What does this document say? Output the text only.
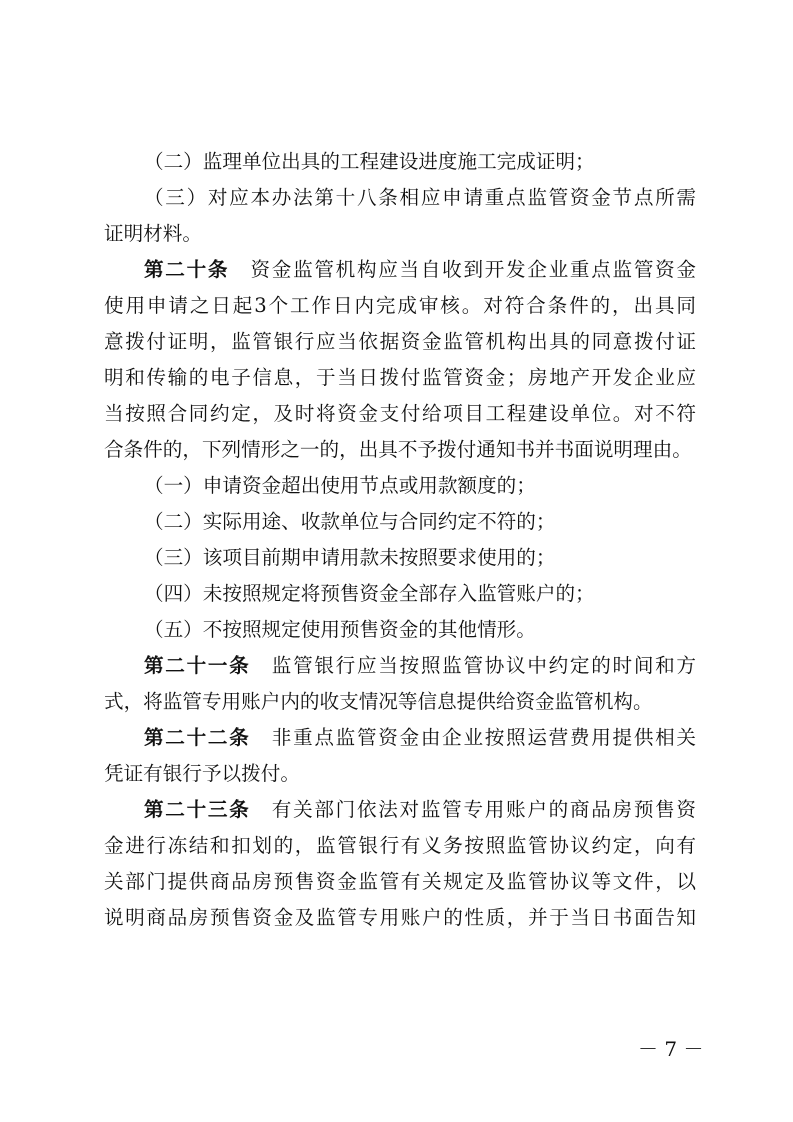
（二）监理单位出具的工程建设进度施工完成证明；
（三）对应本办法第十八条相应申请重点监管资金节点所需
证明材料。
第二十条　 资金监管机构应当自收到开发企业重点监管资金
使用申请之日起3个工作日内完成审核。对符合条件的，出具同
意拨付证明，监管银行应当依据资金监管机构出具的同意拨付证
明和传输的电子信息，于当日拨付监管资金；房地产开发企业应
当按照合同约定，及时将资金支付给项目工程建设单位。对不符
合条件的，下列情形之一的，出具不予拨付通知书并书面说明理由。
（一）申请资金超出使用节点或用款额度的；
（二）实际用途、收款单位与合同约定不符的；
（三）该项目前期申请用款未按照要求使用的；
（四）未按照规定将预售资金全部存入监管账户的；
（五）不按照规定使用预售资金的其他情形。
第二十一条　 监管银行应当按照监管协议中约定的时间和方
式，将监管专用账户内的收支情况等信息提供给资金监管机构。
第二十二条　 非重点监管资金由企业按照运营费用提供相关
凭证有银行予以拨付。
第二十三条　 有关部门依法对监管专用账户的商品房预售资
金进行冻结和扣划的，监管银行有义务按照监管协议约定，向有
关部门提供商品房预售资金监管有关规定及监管协议等文件，以
说明商品房预售资金及监管专用账户的性质，并于当日书面告知
－ 7 －
